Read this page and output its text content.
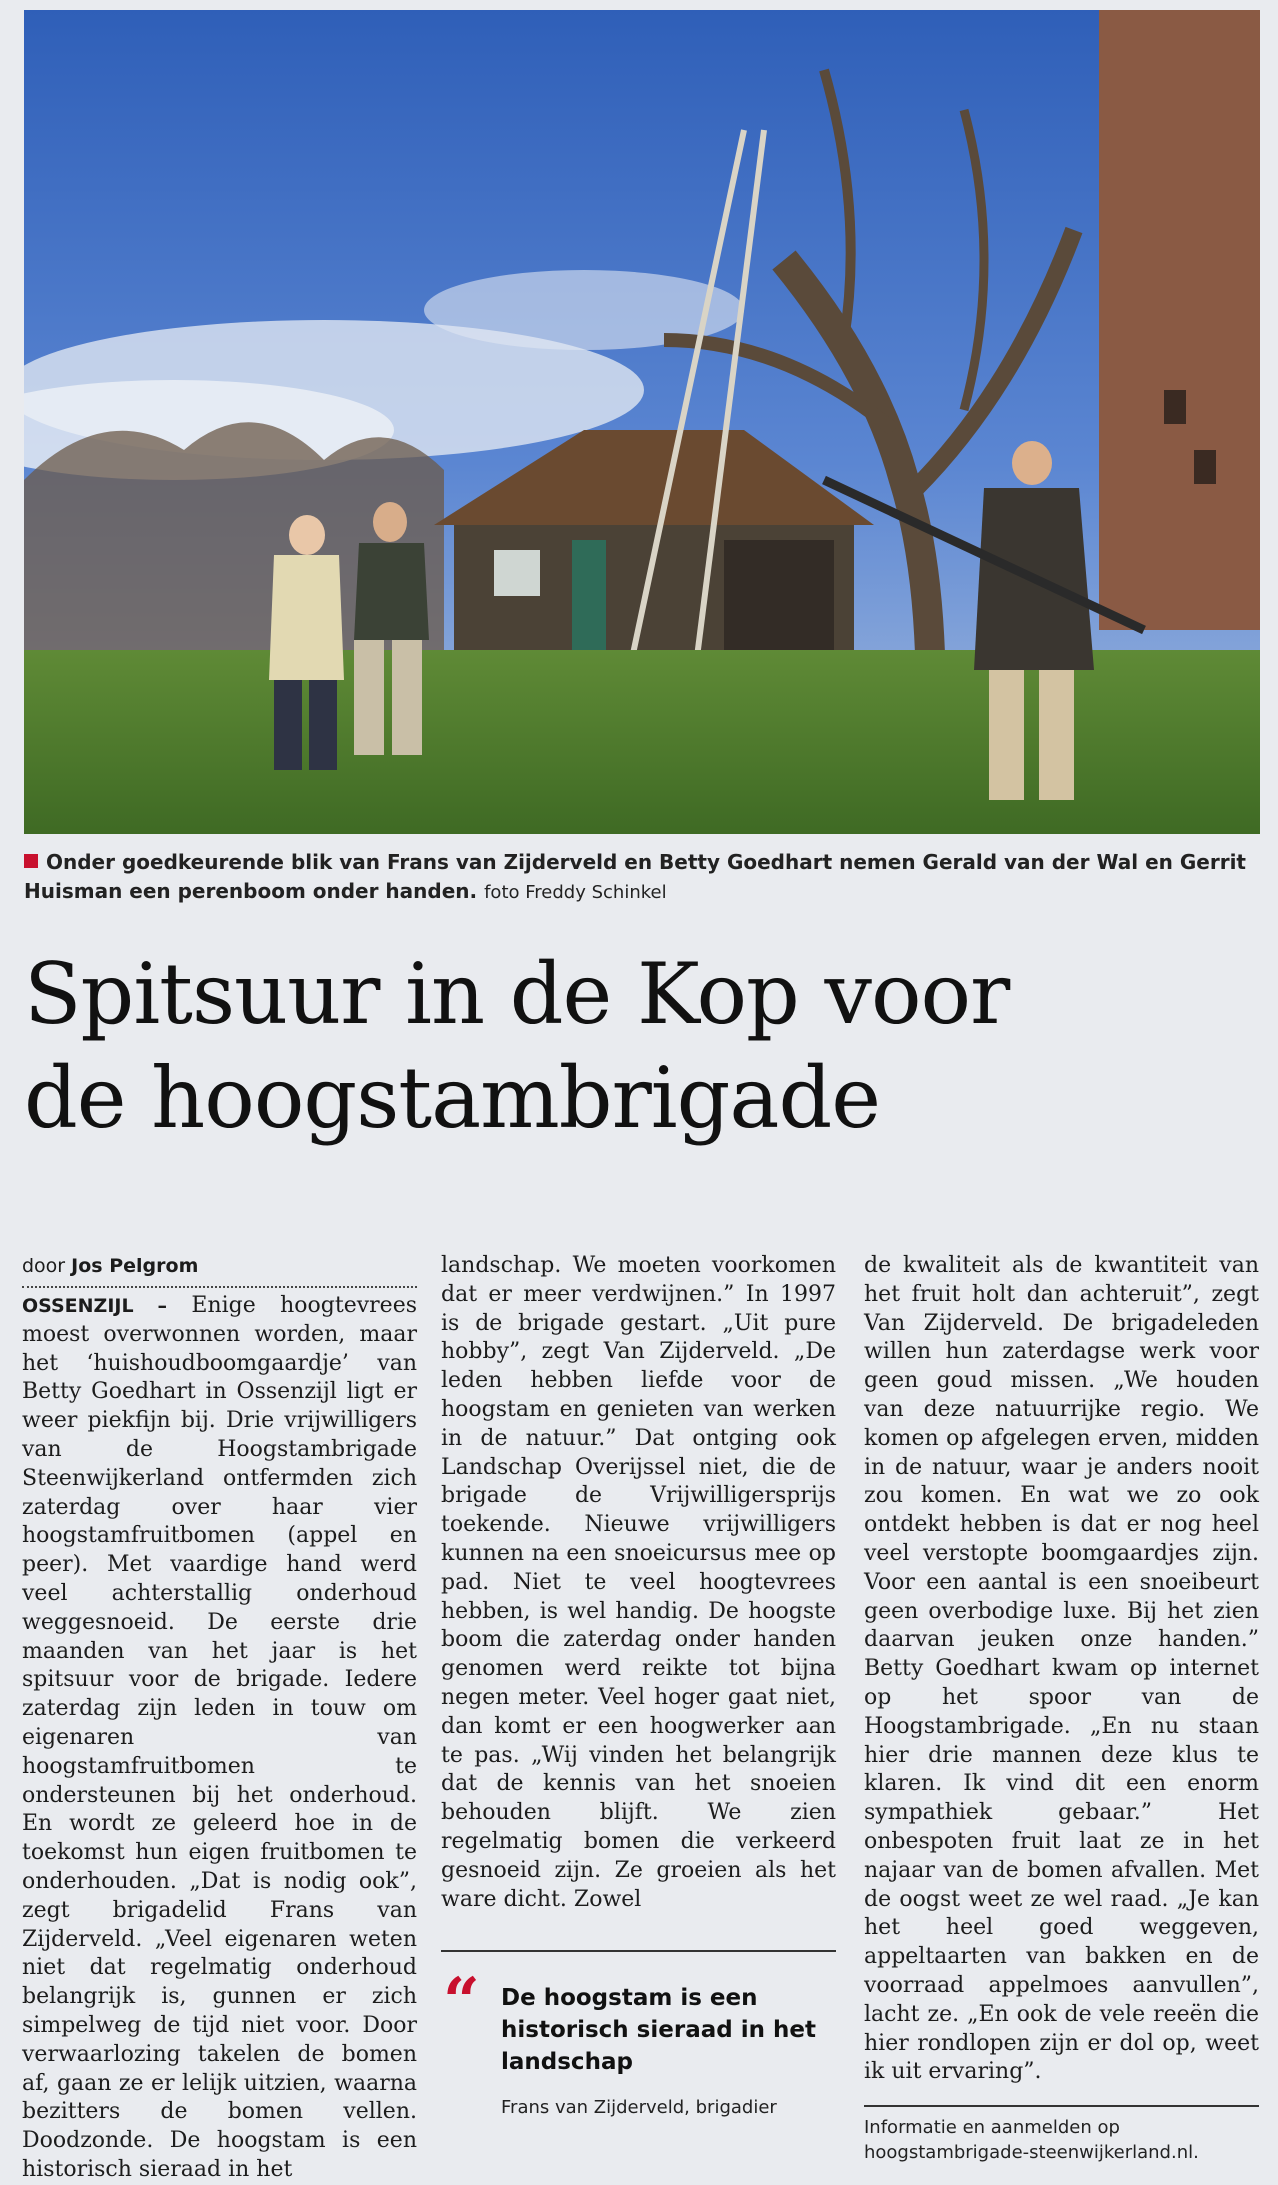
Onder goedkeurende blik van Frans van Zijderveld en Betty Goedhart nemen Gerald van der Wal en Gerrit Huisman een perenboom onder handen. foto Freddy Schinkel
Spitsuur in de Kop voor
de hoogstambrigade
door Jos Pelgrom

OSSENZIJL – Enige hoogtevrees moest overwonnen worden, maar het ‘huishoudboomgaardje’ van Betty Goedhart in Ossenzijl ligt er weer piekfijn bij. Drie vrijwilligers van de Hoogstambrigade Steenwijkerland ontfermden zich zaterdag over haar vier hoogstamfruitbomen (appel en peer). Met vaardige hand werd veel achterstallig onderhoud weggesnoeid. De eerste drie maanden van het jaar is het spitsuur voor de brigade. Iedere zaterdag zijn leden in touw om eigenaren van hoogstamfruitbomen te ondersteunen bij het onderhoud. En wordt ze geleerd hoe in de toekomst hun eigen fruitbomen te onderhouden. „Dat is nodig ook”, zegt brigadelid Frans van Zijderveld. „Veel eigenaren weten niet dat regelmatig onderhoud belangrijk is, gunnen er zich simpelweg de tijd niet voor. Door verwaarlozing takelen de bomen af, gaan ze er lelijk uitzien, waarna bezitters de bomen vellen. Doodzonde. De hoogstam is een historisch sieraad in het

landschap. We moeten voorkomen dat er meer verdwijnen.” In 1997 is de brigade gestart. „Uit pure hobby”, zegt Van Zijderveld. „De leden hebben liefde voor de hoogstam en genieten van werken in de natuur.” Dat ontging ook Landschap Overijssel niet, die de brigade de Vrijwilligersprijs toekende. Nieuwe vrijwilligers kunnen na een snoeicursus mee op pad. Niet te veel hoogtevrees hebben, is wel handig. De hoogste boom die zaterdag onder handen genomen werd reikte tot bijna negen meter. Veel hoger gaat niet, dan komt er een hoogwerker aan te pas. „Wij vinden het belangrijk dat de kennis van het snoeien behouden blijft. We zien regelmatig bomen die verkeerd gesnoeid zijn. Ze groeien als het ware dicht. Zowel

“ De hoogstam is een historisch sieraad in het landschap
Frans van Zijderveld, brigadier

de kwaliteit als de kwantiteit van het fruit holt dan achteruit”, zegt Van Zijderveld. De brigadeleden willen hun zaterdagse werk voor geen goud missen. „We houden van deze natuurrijke regio. We komen op afgelegen erven, midden in de natuur, waar je anders nooit zou komen. En wat we zo ook ontdekt hebben is dat er nog heel veel verstopte boomgaardjes zijn. Voor een aantal is een snoeibeurt geen overbodige luxe. Bij het zien daarvan jeuken onze handen.” Betty Goedhart kwam op internet op het spoor van de Hoogstambrigade. „En nu staan hier drie mannen deze klus te klaren. Ik vind dit een enorm sympathiek gebaar.” Het onbespoten fruit laat ze in het najaar van de bomen afvallen. Met de oogst weet ze wel raad. „Je kan het heel goed weggeven, appeltaarten van bakken en de voorraad appelmoes aanvullen”, lacht ze. „En ook de vele reeën die hier rondlopen zijn er dol op, weet ik uit ervaring”.

Informatie en aanmelden op hoogstambrigade-steenwijkerland.nl.
